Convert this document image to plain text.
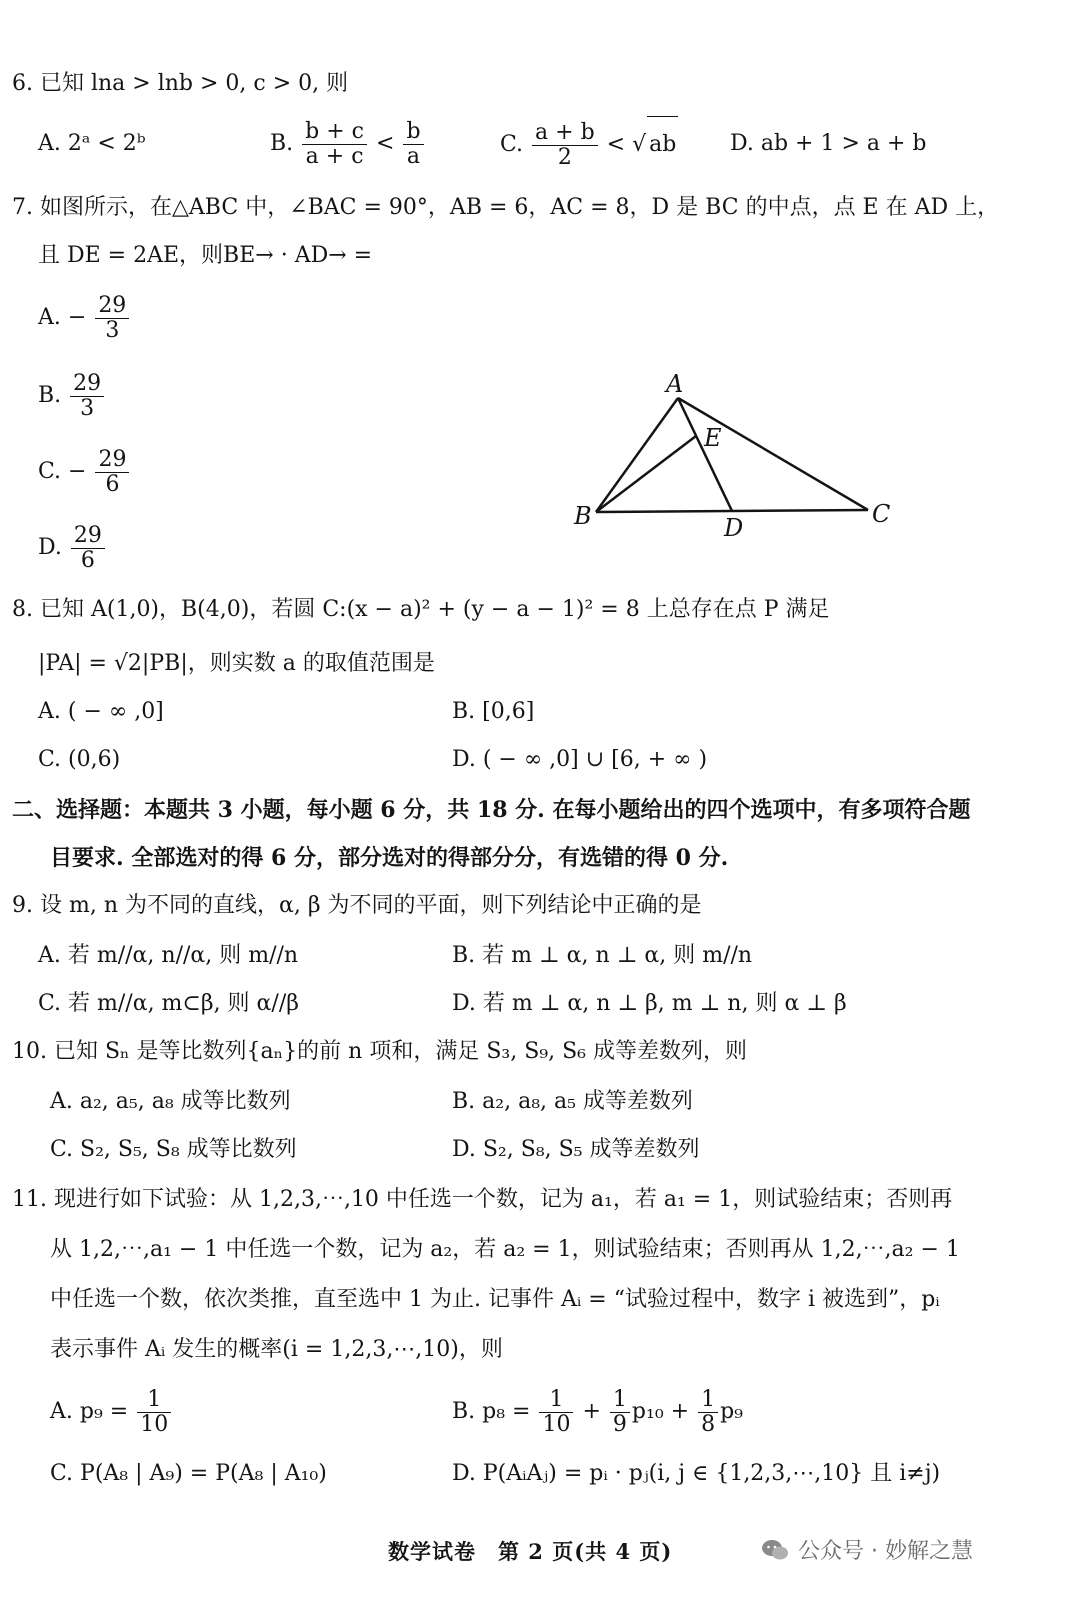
6. 已知 lna > lnb > 0, c > 0, 则
A. 2ᵃ < 2ᵇ	B. $\frac{b + c}{a + c} < \frac{b}{a}$	C. $\frac{a + b}{2}$ < √ ab D. ab + 1 > a + b
7. 如图所示，在△ABC 中，∠BAC = 90°，AB = 6，AC = 8，D 是 BC 的中点，点 E 在 AD 上，
且 DE = 2AE，则BE→ · AD→ =
A. − $\frac{29}{3}$
B. $\frac{29}{3}$
C. − $\frac{29}{6}$
D. $\frac{29}{6}$
A
E
B	D	C
8. 已知 A(1,0)，B(4,0)，若圆 C:(x − a)² + (y − a − 1)² = 8 上总存在点 P 满足
|PA| = √2|PB|，则实数 a 的取值范围是
A. ( − ∞ ,0]	B. [0,6]
C. (0,6)	D. ( − ∞ ,0] ∪ [6, + ∞ )
二、选择题：本题共 3 小题，每小题 6 分，共 18 分. 在每小题给出的四个选项中，有多项符合题
目要求. 全部选对的得 6 分，部分选对的得部分分，有选错的得 0 分.
9. 设 m, n 为不同的直线，α, β 为不同的平面，则下列结论中正确的是
A. 若 m//α, n//α, 则 m//n	B. 若 m ⊥ α, n ⊥ α, 则 m//n
C. 若 m//α, m⊂β, 则 α//β	D. 若 m ⊥ α, n ⊥ β, m ⊥ n, 则 α ⊥ β
10. 已知 Sₙ 是等比数列{aₙ}的前 n 项和，满足 S₃, S₉, S₆ 成等差数列，则
A. a₂, a₅, a₈ 成等比数列	B. a₂, a₈, a₅ 成等差数列
C. S₂, S₅, S₈ 成等比数列	D. S₂, S₈, S₅ 成等差数列
11. 现进行如下试验：从 1,2,3,⋯,10 中任选一个数，记为 a₁，若 a₁ = 1，则试验结束；否则再
从 1,2,⋯,a₁ − 1 中任选一个数，记为 a₂，若 a₂ = 1，则试验结束；否则再从 1,2,⋯,a₂ − 1
中任选一个数，依次类推，直至选中 1 为止. 记事件 Aᵢ = “试验过程中，数字 i 被选到”，pᵢ
表示事件 Aᵢ 发生的概率(i = 1,2,3,⋯,10)，则
A. $p_9 = \frac{1}{10}$	B. $p_8 = \frac{1}{10} + \frac{1}{9} p_{10} + \frac{1}{8} p_9$
C. P(A₈ | A₉) = P(A₈ | A₁₀)	D. P(AᵢAⱼ) = pᵢ · pⱼ(i, j ∈ {1,2,3,⋯,10} 且 i≠j)
数学试卷　第 2 页(共 4 页)	公众号 · 妙解之慧
